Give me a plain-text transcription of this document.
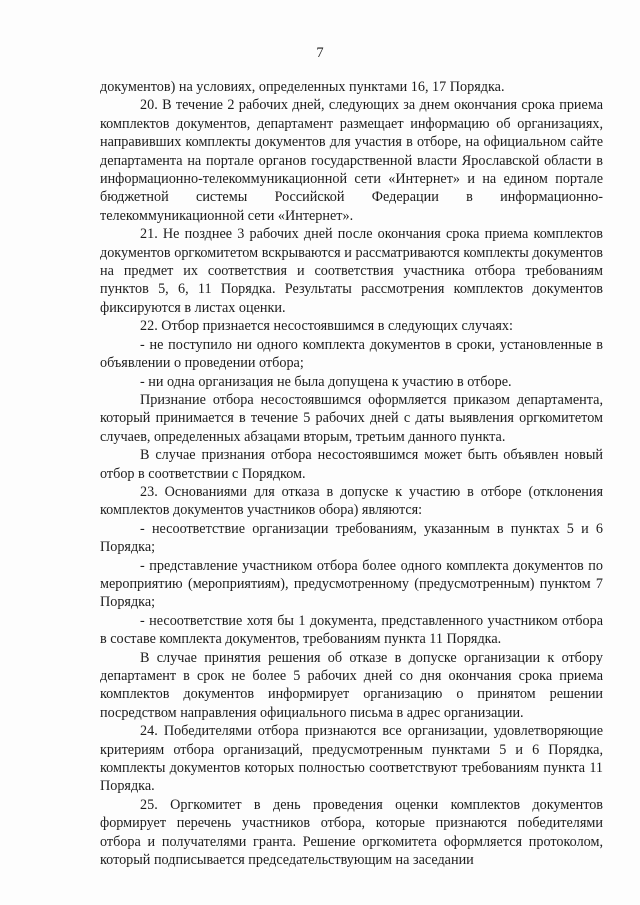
7

документов) на условиях, определенных пунктами 16, 17 Порядка.

20. В течение 2 рабочих дней, следующих за днем окончания срока приема комплектов документов, департамент размещает информацию об организациях, направивших комплекты документов для участия в отборе, на официальном сайте департамента на портале органов государственной власти Ярославской области в информационно-телекоммуникационной сети «Интернет» и на едином портале бюджетной системы Российской Федерации в информационно-телекоммуникационной сети «Интернет».

21. Не позднее 3 рабочих дней после окончания срока приема комплектов документов оргкомитетом вскрываются и рассматриваются комплекты документов на предмет их соответствия и соответствия участника отбора требованиям пунктов 5, 6, 11 Порядка. Результаты рассмотрения комплектов документов фиксируются в листах оценки.

22. Отбор признается несостоявшимся в следующих случаях:

- не поступило ни одного комплекта документов в сроки, установленные в объявлении о проведении отбора;

- ни одна организация не была допущена к участию в отборе.

Признание отбора несостоявшимся оформляется приказом департамента, который принимается в течение 5 рабочих дней с даты выявления оргкомитетом случаев, определенных абзацами вторым, третьим данного пункта.

В случае признания отбора несостоявшимся может быть объявлен новый отбор в соответствии с Порядком.

23. Основаниями для отказа в допуске к участию в отборе (отклонения комплектов документов участников обора) являются:

- несоответствие организации требованиям, указанным в пунктах 5 и 6 Порядка;

- представление участником отбора более одного комплекта документов по мероприятию (мероприятиям), предусмотренному (предусмотренным) пунктом 7 Порядка;

- несоответствие хотя бы 1 документа, представленного участником отбора в составе комплекта документов, требованиям пункта 11 Порядка.

В случае принятия решения об отказе в допуске организации к отбору департамент в срок не более 5 рабочих дней со дня окончания срока приема комплектов документов информирует организацию о принятом решении посредством направления официального письма в адрес организации.

24. Победителями отбора признаются все организации, удовлетворяющие критериям отбора организаций, предусмотренным пунктами 5 и 6 Порядка, комплекты документов которых полностью соответствуют требованиям пункта 11 Порядка.

25. Оргкомитет в день проведения оценки комплектов документов формирует перечень участников отбора, которые признаются победителями отбора и получателями гранта. Решение оргкомитета оформляется протоколом, который подписывается председательствующим на заседании
